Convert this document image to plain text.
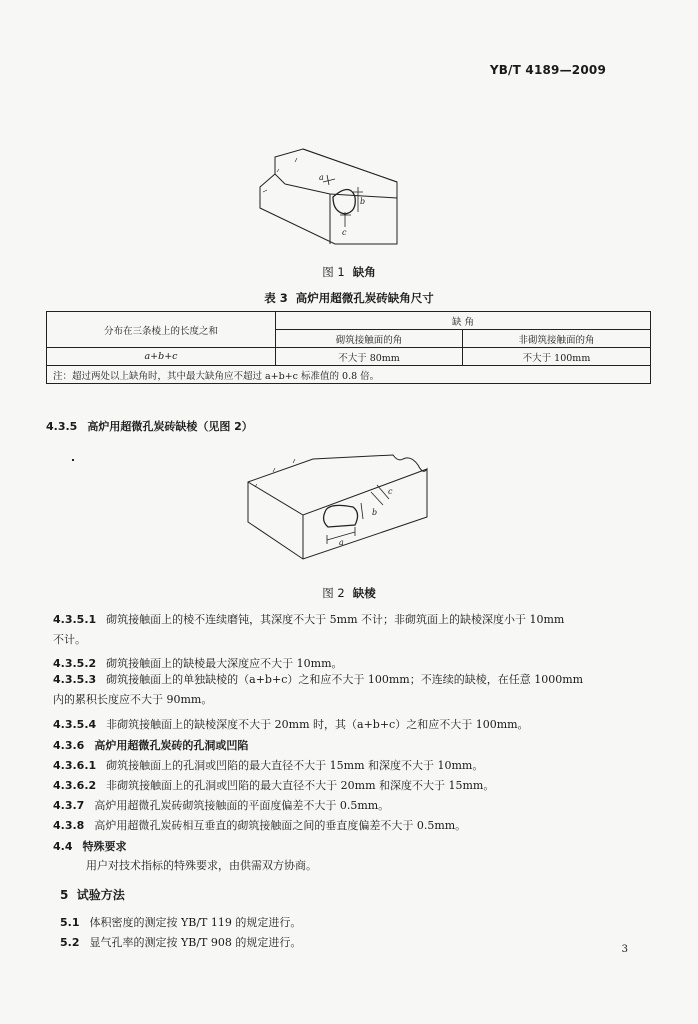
YB/T 4189—2009
a
b
c
图 1 缺角
表 3 高炉用超微孔炭砖缺角尺寸
分布在三条棱上的长度之和	缺 角	
	砌筑接触面的角	非砌筑接触面的角
a+b+c	不大于 80mm	不大于 100mm
注：超过两处以上缺角时，其中最大缺角应不超过 a+b+c 标准值的 0.8 倍。		
4.3.5 高炉用超微孔炭砖缺棱（见图 2）
c
b
a
图 2 缺棱
4.3.5.1 砌筑接触面上的棱不连续磨钝，其深度不大于 5mm 不计；非砌筑面上的缺棱深度小于 10mm
不计。
4.3.5.2 砌筑接触面上的缺棱最大深度应不大于 10mm。
4.3.5.3 砌筑接触面上的单独缺棱的（a+b+c）之和应不大于 100mm；不连续的缺棱，在任意 1000mm
内的累积长度应不大于 90mm。
4.3.5.4 非砌筑接触面上的缺棱深度不大于 20mm 时，其（a+b+c）之和应不大于 100mm。
4.3.6 高炉用超微孔炭砖的孔洞或凹陷
4.3.6.1 砌筑接触面上的孔洞或凹陷的最大直径不大于 15mm 和深度不大于 10mm。
4.3.6.2 非砌筑接触面上的孔洞或凹陷的最大直径不大于 20mm 和深度不大于 15mm。
4.3.7 高炉用超微孔炭砖砌筑接触面的平面度偏差不大于 0.5mm。
4.3.8 高炉用超微孔炭砖相互垂直的砌筑接触面之间的垂直度偏差不大于 0.5mm。
4.4 特殊要求
用户对技术指标的特殊要求，由供需双方协商。
5 试验方法
5.1 体积密度的测定按 YB/T 119 的规定进行。
5.2 显气孔率的测定按 YB/T 908 的规定进行。
3
